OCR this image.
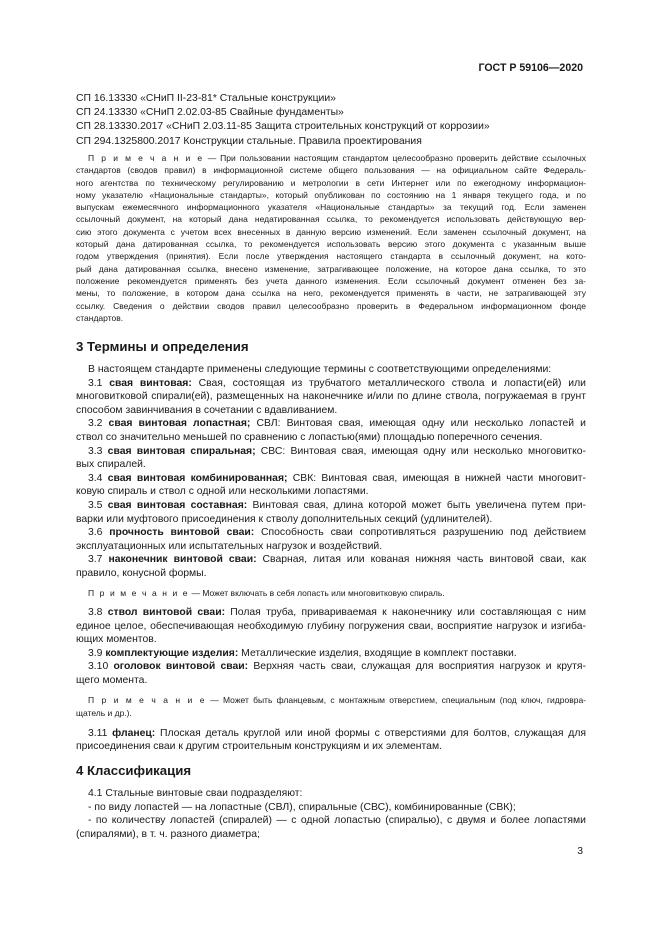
ГОСТ Р 59106—2020
СП 16.13330 «СНиП II-23-81* Стальные конструкции»
СП 24.13330 «СНиП 2.02.03-85 Свайные фундаменты»
СП 28.13330.2017 «СНиП 2.03.11-85 Защита строительных конструкций от коррозии»
СП 294.1325800.2017 Конструкции стальные. Правила проектирования
П р и м е ч а н и е — При пользовании настоящим стандартом целесообразно проверить действие ссылочных
стандартов (сводов правил) в информационной системе общего пользования — на официальном сайте Федераль-
ного агентства по техническому регулированию и метрологии в сети Интернет или по ежегодному информацион-
ному указателю «Национальные стандарты», который опубликован по состоянию на 1 января текущего года, и по
выпускам ежемесячного информационного указателя «Национальные стандарты» за текущий год. Если заменен
ссылочный документ, на который дана недатированная ссылка, то рекомендуется использовать действующую вер-
сию этого документа с учетом всех внесенных в данную версию изменений. Если заменен ссылочный документ, на
который дана датированная ссылка, то рекомендуется использовать версию этого документа с указанным выше
годом утверждения (принятия). Если после утверждения настоящего стандарта в ссылочный документ, на кото-
рый дана датированная ссылка, внесено изменение, затрагивающее положение, на которое дана ссылка, то это
положение рекомендуется применять без учета данного изменения. Если ссылочный документ отменен без за-
мены, то положение, в котором дана ссылка на него, рекомендуется применять в части, не затрагивающей эту
ссылку. Сведения о действии сводов правил целесообразно проверить в Федеральном информационном фонде
стандартов.
3 Термины и определения
В настоящем стандарте применены следующие термины с соответствующими определениями:
3.1 свая винтовая: Свая, состоящая из трубчатого металлического ствола и лопасти(ей) или
многовитковой спирали(ей), размещенных на наконечнике и/или по длине ствола, погружаемая в грунт
способом завинчивания в сочетании с вдавливанием.
3.2 свая винтовая лопастная; СВЛ: Винтовая свая, имеющая одну или несколько лопастей и
ствол со значительно меньшей по сравнению с лопастью(ями) площадью поперечного сечения.
3.3 свая винтовая спиральная; СВС: Винтовая свая, имеющая одну или несколько многовитко-
вых спиралей.
3.4 свая винтовая комбинированная; СВК: Винтовая свая, имеющая в нижней части многовит-
ковую спираль и ствол с одной или несколькими лопастями.
3.5 свая винтовая составная: Винтовая свая, длина которой может быть увеличена путем при-
варки или муфтового присоединения к стволу дополнительных секций (удлинителей).
3.6 прочность винтовой сваи: Способность сваи сопротивляться разрушению под действием
эксплуатационных или испытательных нагрузок и воздействий.
3.7 наконечник винтовой сваи: Сварная, литая или кованая нижняя часть винтовой сваи, как
правило, конусной формы.
П р и м е ч а н и е — Может включать в себя лопасть или многовитковую спираль.
3.8 ствол винтовой сваи: Полая труба, привариваемая к наконечнику или составляющая с ним
единое целое, обеспечивающая необходимую глубину погружения сваи, восприятие нагрузок и изгиба-
ющих моментов.
3.9 комплектующие изделия: Металлические изделия, входящие в комплект поставки.
3.10 оголовок винтовой сваи: Верхняя часть сваи, служащая для восприятия нагрузок и крутя-
щего момента.
П р и м е ч а н и е — Может быть фланцевым, с монтажным отверстием, специальным (под ключ, гидровра-
щатель и др.).
3.11 фланец: Плоская деталь круглой или иной формы с отверстиями для болтов, служащая для
присоединения сваи к другим строительным конструкциям и их элементам.
4 Классификация
4.1 Стальные винтовые сваи подразделяют:
- по виду лопастей — на лопастные (СВЛ), спиральные (СВС), комбинированные (СВК);
- по количеству лопастей (спиралей) — с одной лопастью (спиралью), с двумя и более лопастями
(спиралями), в т. ч. разного диаметра;
3
